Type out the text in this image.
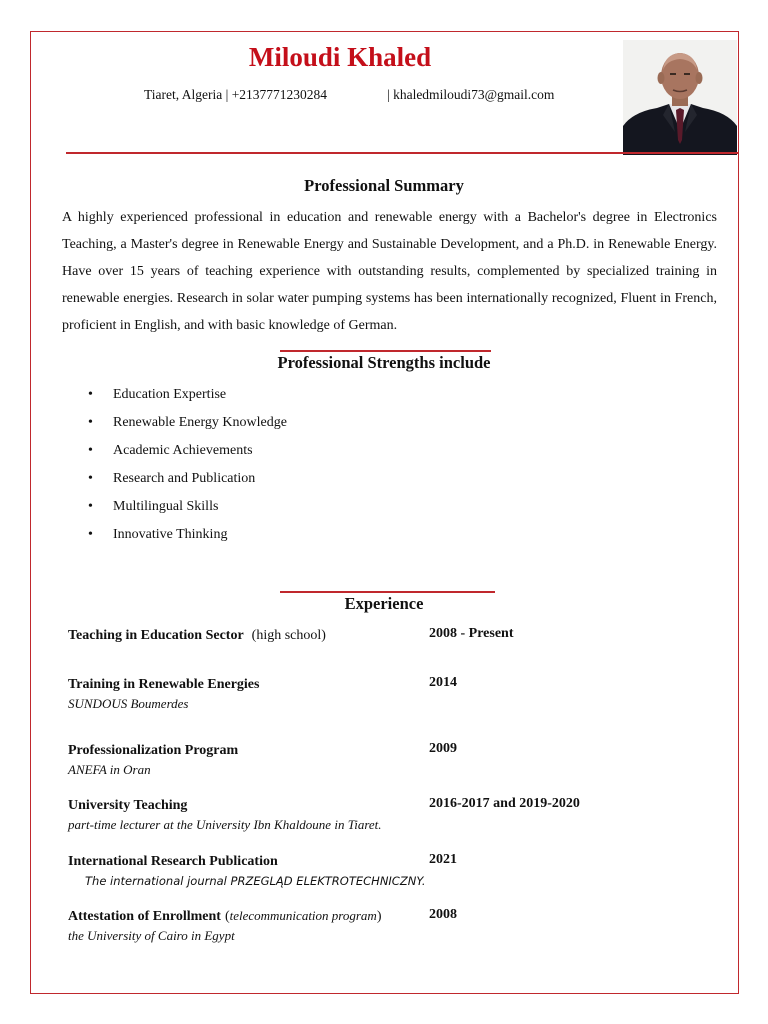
Miloudi Khaled
Tiaret, Algeria | +2137771230284	| khaledmiloudi73@gmail.com
Professional Summary

A highly experienced professional in education and renewable energy with a Bachelor's degree in Electronics Teaching, a Master's degree in Renewable Energy and Sustainable Development, and a Ph.D. in Renewable Energy. Have over 15 years of teaching experience with outstanding results, complemented by specialized training in renewable energies. Research in solar water pumping systems has been internationally recognized, Fluent in French, proficient in English, and with basic knowledge of German.

Professional Strengths include
• Education Expertise
• Renewable Energy Knowledge
• Academic Achievements
• Research and Publication
• Multilingual Skills
• Innovative Thinking
Experience
Teaching in Education Sector (high school)	2008 - Present
Training in Renewable Energies	2014
SUNDOUS Boumerdes
Professionalization Program	2009
ANEFA in Oran
University Teaching	2016-2017 and 2019-2020
part-time lecturer at the University Ibn Khaldoune in Tiaret.
International Research Publication	2021
The international journal PRZEGLĄD ELEKTROTECHNICZNY.
Attestation of Enrollment (telecommunication program)	2008
the University of Cairo in Egypt
